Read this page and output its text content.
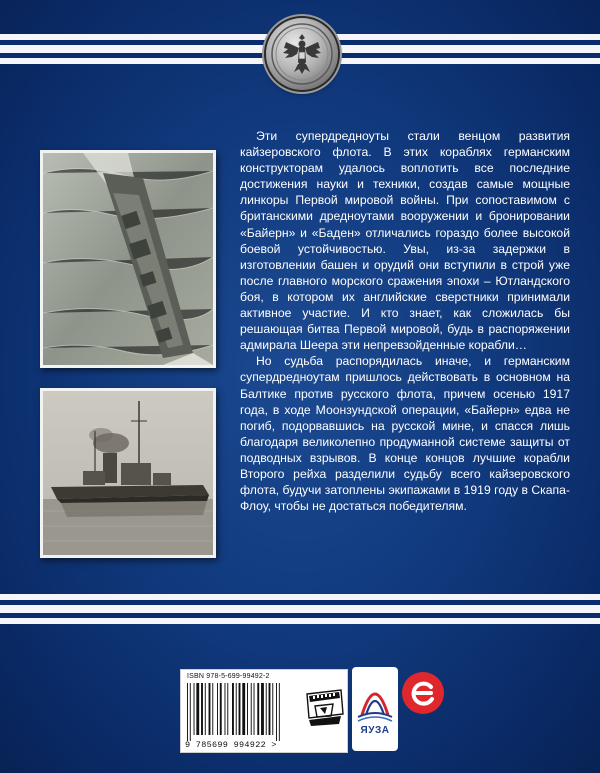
Эти супердредноуты стали венцом развития кайзеровского флота. В этих кораблях германским конструкторам удалось воплотить все последние достижения науки и техники, создав самые мощные линкоры Первой мировой войны. При сопоставимом с британскими дредноутами вооружении и бронировании «Байерн» и «Баден» отличались гораздо более высокой боевой устойчивостью. Увы, из-за задержки в изготовлении башен и орудий они вступили в строй уже после главного морского сражения эпохи – Ютландского боя, в котором их английские сверстники принимали активное участие. И кто знает, как сложилась бы решающая битва Первой мировой, будь в распоряжении адмирала Шеера эти непревзойденные корабли…

Но судьба распорядилась иначе, и германским супердредноутам пришлось действовать в основном на Балтике против русского флота, причем осенью 1917 года, в ходе Моонзундской операции, «Байерн» едва не погиб, подорвавшись на русской мине, и спасся лишь благодаря великолепно продуманной системе защиты от подводных взрывов. В конце концов лучшие корабли Второго рейха разделили судьбу всего кайзеровского флота, будучи затоплены экипажами в 1919 году в Скапа-Флоу, чтобы не достаться победителям.

ISBN 978-5-699-99492-2
9 785699 994922 >
ЯУЗА
